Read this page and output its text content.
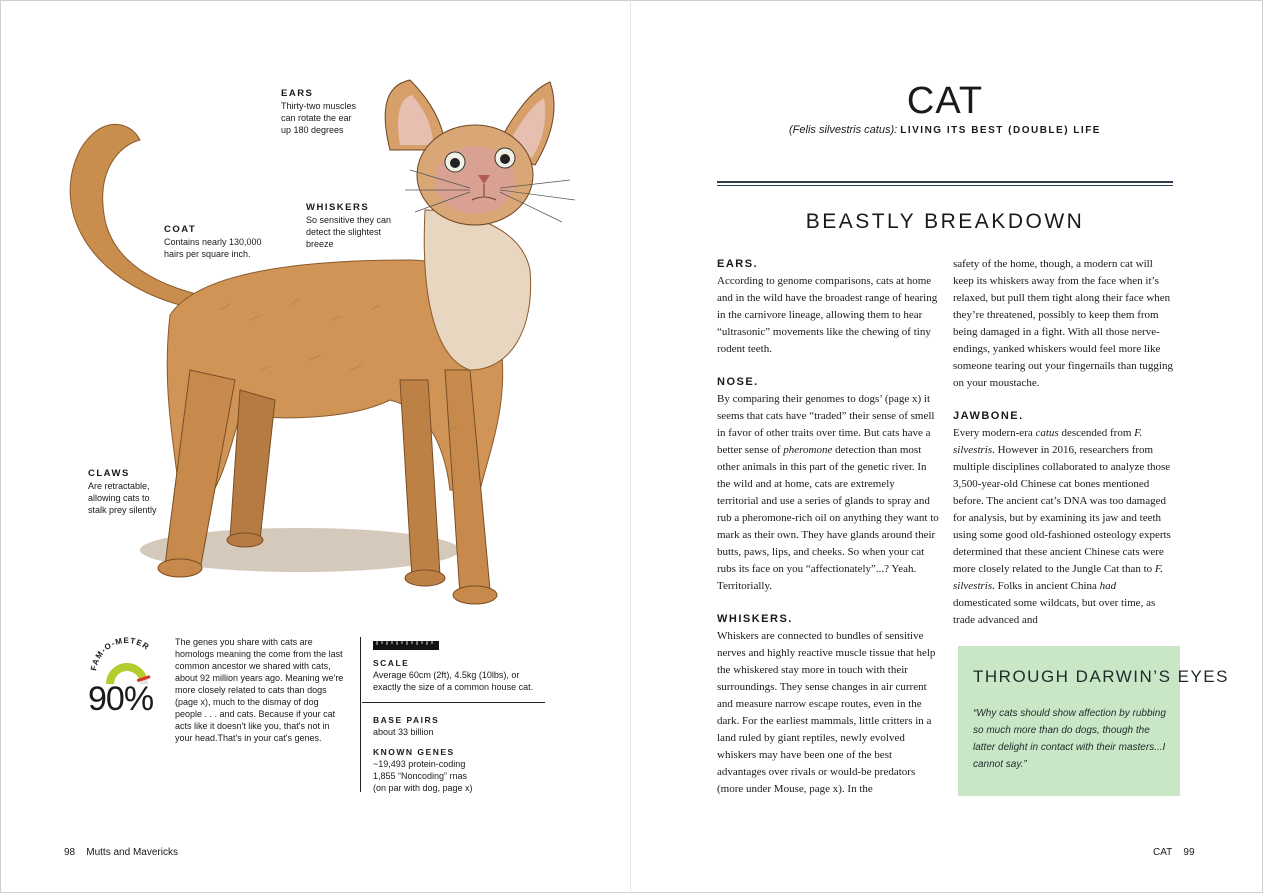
EARS
Thirty-two muscles
can rotate the ear
up 180 degrees
WHISKERS
So sensitive they can
detect the slightest
breeze
COAT
Contains nearly 130,000
hairs per square inch.
CLAWS
Are retractable,
allowing cats to
stalk prey silently
FAM-O-METER
90%
The genes you share with cats are homologs meaning the come from the last common ancestor we shared with cats, about 92 million years ago. Meaning we're more closely related to cats than dogs (page x), much to the dismay of dog people . . . and cats. Because if your cat acts like it doesn't like you, that's not in your head.That's in your cat's genes.
SCALE
Average 60cm (2ft), 4.5kg (10lbs), or exactly the size of a common house cat.
BASE PAIRS
about 33 billion
KNOWN GENES
~19,493 protein-coding
1,855 “Noncoding” rnas
(on par with dog, page x)
98 Mutts and Mavericks
CAT
(Felis silvestris catus): LIVING ITS BEST (DOUBLE) LIFE
BEASTLY BREAKDOWN
EARS.

According to genome comparisons, cats at home and in the wild have the broadest range of hearing in the carnivore lineage, allowing them to hear “ultrasonic” movements like the chewing of tiny rodent teeth.

NOSE.

By comparing their genomes to dogs’ (page x) it seems that cats have “traded” their sense of smell in favor of other traits over time. But cats have a better sense of pheromone detection than most other animals in this part of the genetic river. In the wild and at home, cats are extremely territorial and use a series of glands to spray and rub a pheromone-rich oil on anything they want to mark as their own. They have glands around their butts, paws, lips, and cheeks. So when your cat rubs its face on you “affectionately”...? Yeah. Territorially.

WHISKERS.

Whiskers are connected to bundles of sensitive nerves and highly reactive muscle tissue that help the whiskered stay more in touch with their surroundings. They sense changes in air current and measure narrow escape routes, even in the dark. For the earliest mammals, little critters in a land ruled by giant reptiles, newly evolved whiskers may have been one of the best advantages over rivals or would-be predators (more under Mouse, page x). In the

safety of the home, though, a modern cat will keep its whiskers away from the face when it’s relaxed, but pull them tight along their face when they’re threatened, possibly to keep them from being damaged in a fight. With all those nerve-endings, yanked whiskers would feel more like someone tearing out your fingernails than tugging on your moustache.

JAWBONE.

Every modern-era catus descended from F. silvestris. However in 2016, researchers from multiple disciplines collaborated to analyze those 3,500-year-old Chinese cat bones mentioned before. The ancient cat’s DNA was too damaged for analysis, but by examining its jaw and teeth using some good old-fashioned osteology experts determined that these ancient Chinese cats were more closely related to the Jungle Cat than to F. silvestris. Folks in ancient China had domesticated some wildcats, but over time, as trade advanced and

THROUGH DARWIN’S EYES
“Why cats should show affection by rubbing so much more than do dogs, though the latter delight in contact with their masters...I cannot say.”
CAT 99
